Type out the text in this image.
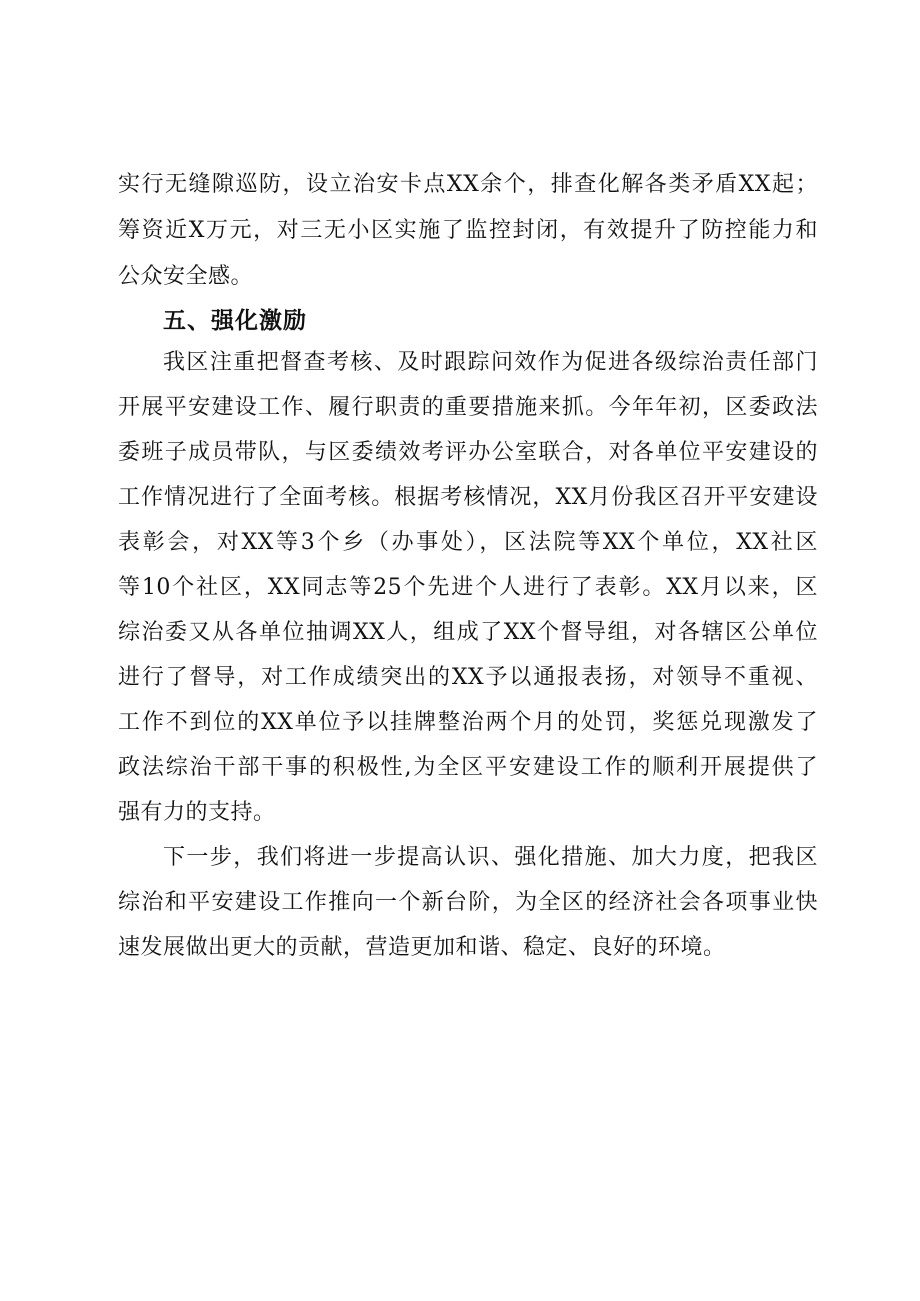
实行无缝隙巡防，设立治安卡点XX余个，排查化解各类矛盾XX起；
筹资近X万元，对三无小区实施了监控封闭，有效提升了防控能力和
公众安全感。
五、强化激励
我区注重把督查考核、及时跟踪问效作为促进各级综治责任部门
开展平安建设工作、履行职责的重要措施来抓。今年年初，区委政法
委班子成员带队，与区委绩效考评办公室联合，对各单位平安建设的
工作情况进行了全面考核。根据考核情况，XX月份我区召开平安建设
表彰会，对XX等3个乡（办事处），区法院等XX个单位，XX社区
等10个社区，XX同志等25个先进个人进行了表彰。XX月以来，区
综治委又从各单位抽调XX人，组成了XX个督导组，对各辖区公单位
进行了督导，对工作成绩突出的XX予以通报表扬，对领导不重视、
工作不到位的XX单位予以挂牌整治两个月的处罚，奖惩兑现激发了
政法综治干部干事的积极性,为全区平安建设工作的顺利开展提供了
强有力的支持。
下一步，我们将进一步提高认识、强化措施、加大力度，把我区
综治和平安建设工作推向一个新台阶，为全区的经济社会各项事业快
速发展做出更大的贡献，营造更加和谐、稳定、良好的环境。
